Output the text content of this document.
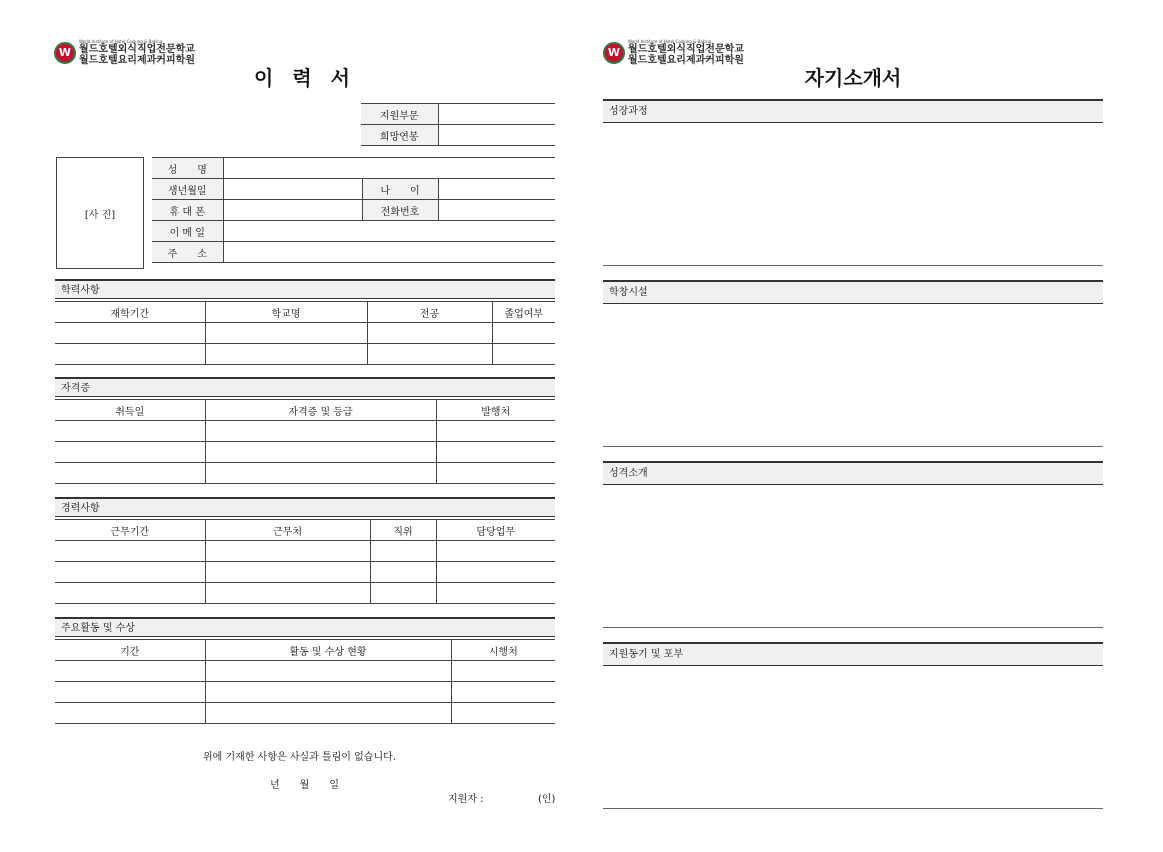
W
World Institute of Hotel Cooking & Baking
월드호텔외식직업전문학교
월드호텔요리제과커피학원
이 력 서
지원부문	
희망연봉	
[사 진]
성　　명			
생년월일		나　　이	
휴 대 폰		전화번호	
이 메 일			
주　　소			
학력사항
재학기간	학교명	전공	졸업여부

자격증
취득일	자격증 및 등급	발행처

경력사항
근무기간	근무처	직위	담당업무

주요활동 및 수상
기간	활동 및 수상 현황	시행처

위에 기재한 사항은 사실과 틀림이 없습니다.
년　　월　　일
지원자 :	(인)
W
World Institute of Hotel Cooking & Baking
월드호텔외식직업전문학교
월드호텔요리제과커피학원
자기소개서
성장과정
학창시설
성격소개
지원동기 및 포부
